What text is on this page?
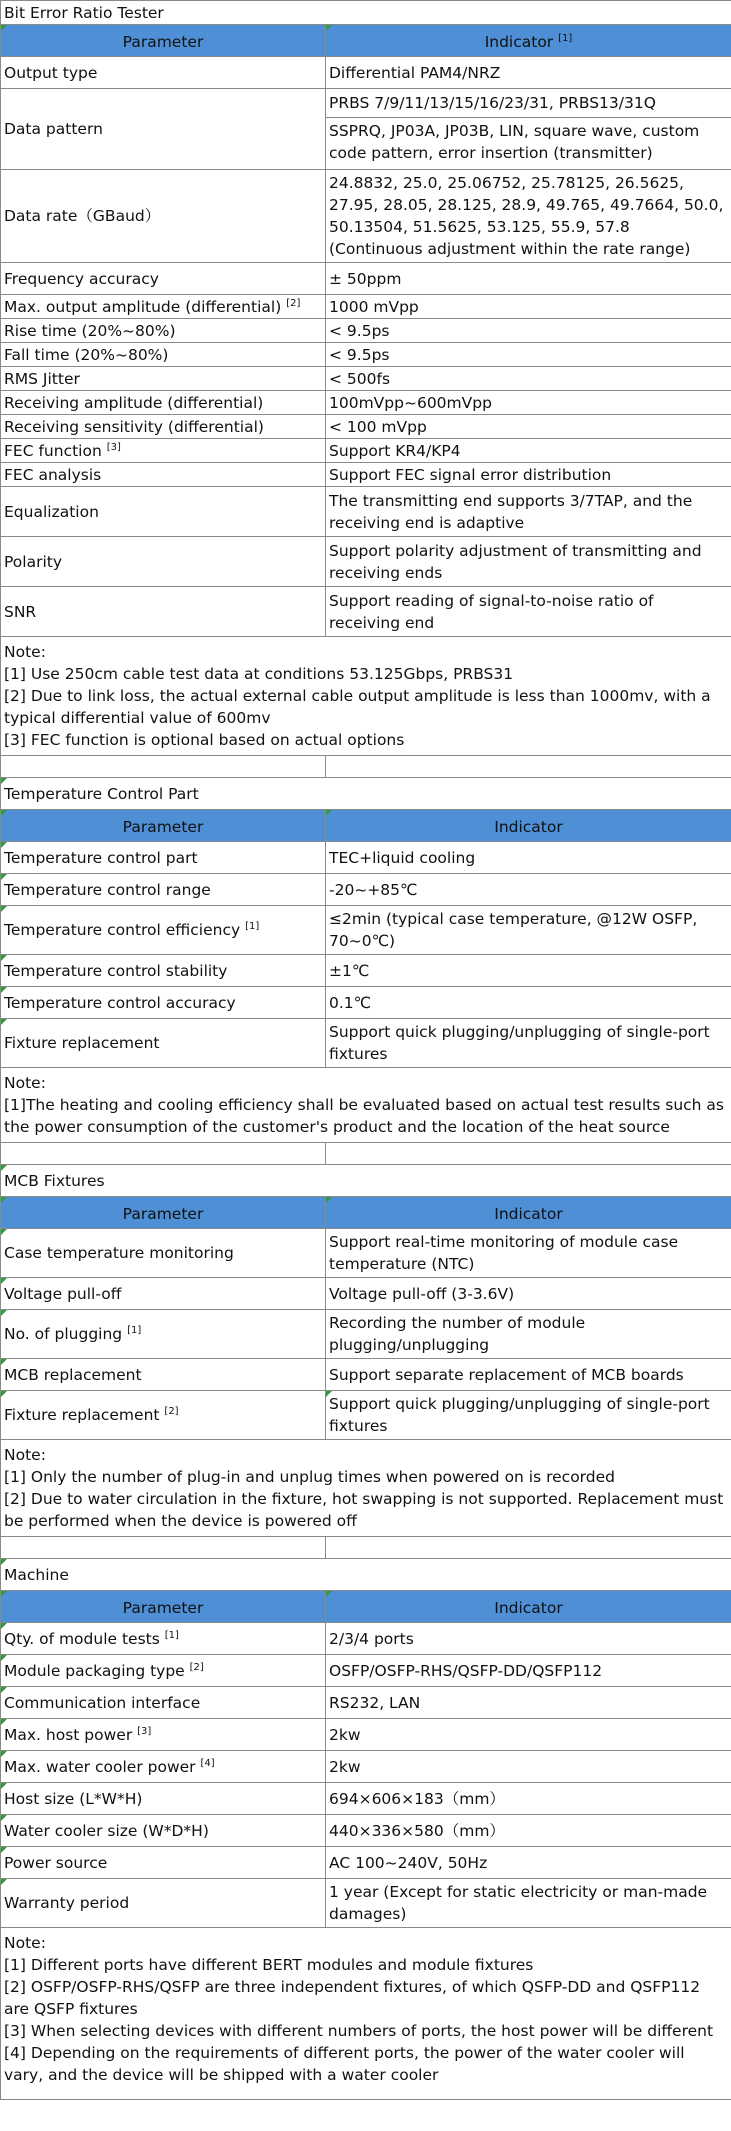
Bit Error Ratio Tester	
Parameter	Indicator [1]
Output type	Differential PAM4/NRZ
Data pattern	PRBS 7/9/11/13/15/16/23/31, PRBS13/31Q
SSPRQ, JP03A, JP03B, LIN, square wave, custom code pattern, error insertion (transmitter)

Data rate（GBaud）	24.8832, 25.0, 25.06752, 25.78125, 26.5625, 27.95, 28.05, 28.125, 28.9, 49.765, 49.7664, 50.0, 50.13504, 51.5625, 53.125, 55.9, 57.8 (Continuous adjustment within the rate range)
Frequency accuracy	± 50ppm
Max. output amplitude (differential) [2]	1000 mVpp
Rise time (20%~80%)	< 9.5ps
Fall time (20%~80%)	< 9.5ps
RMS Jitter	< 500fs
Receiving amplitude (differential)	100mVpp~600mVpp
Receiving sensitivity (differential)	< 100 mVpp
FEC function [3]	Support KR4/KP4
FEC analysis	Support FEC signal error distribution
Equalization	The transmitting end supports 3/7TAP, and the receiving end is adaptive
Polarity	Support polarity adjustment of transmitting and receiving ends
SNR	Support reading of signal-to-noise ratio of receiving end

Note:
[1] Use 250cm cable test data at conditions 53.125Gbps, PRBS31
[2] Due to link loss, the actual external cable output amplitude is less than 1000mv, with a typical differential value of 600mv
[3] FEC function is optional based on actual options	

Temperature Control Part	
Parameter	Indicator
Temperature control part	TEC+liquid cooling
Temperature control range	-20~+85℃
Temperature control efficiency [1]	≤2min (typical case temperature, @12W OSFP, 70~0℃)
Temperature control stability	±1℃
Temperature control accuracy	0.1℃
Fixture replacement	Support quick plugging/unplugging of single-port fixtures

Note:
[1]The heating and cooling efficiency shall be evaluated based on actual test results such as the power consumption of the customer's product and the location of the heat source	

MCB Fixtures	
Parameter	Indicator
Case temperature monitoring	Support real-time monitoring of module case temperature (NTC)
Voltage pull-off	Voltage pull-off (3-3.6V)
No. of plugging [1]	Recording the number of module plugging/unplugging
MCB replacement	Support separate replacement of MCB boards
Fixture replacement [2]	Support quick plugging/unplugging of single-port fixtures

Note:
[1] Only the number of plug-in and unplug times when powered on is recorded
[2] Due to water circulation in the fixture, hot swapping is not supported. Replacement must be performed when the device is powered off	

Machine	
Parameter	Indicator
Qty. of module tests [1]	2/3/4 ports
Module packaging type [2]	OSFP/OSFP-RHS/QSFP-DD/QSFP112
Communication interface	RS232, LAN
Max. host power [3]	2kw
Max. water cooler power [4]	2kw
Host size (L*W*H)	694×606×183（mm）
Water cooler size (W*D*H)	440×336×580（mm）
Power source	AC 100~240V, 50Hz
Warranty period	1 year (Except for static electricity or man-made damages)

Note:
[1] Different ports have different BERT modules and module fixtures
[2] OSFP/OSFP-RHS/QSFP are three independent fixtures, of which QSFP-DD and QSFP112 are QSFP fixtures
[3] When selecting devices with different numbers of ports, the host power will be different
[4] Depending on the requirements of different ports, the power of the water cooler will vary, and the device will be shipped with a water cooler	
